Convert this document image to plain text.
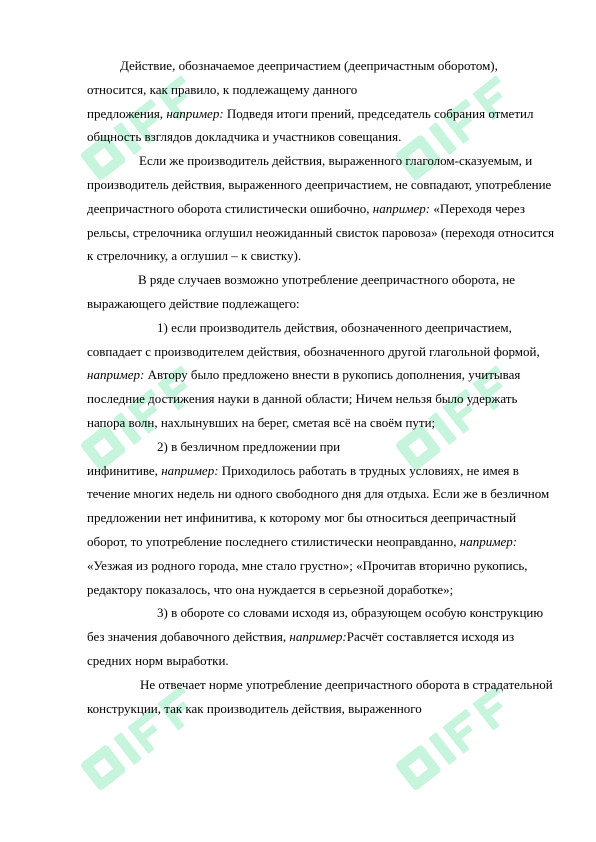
Действие, обозначаемое деепричастием (деепричастным оборотом), относится, как правило, к подлежащему данного

предложения, например: Подведя итоги прений, председатель собрания отметил общность взглядов докладчика и участников совещания.

Если же производитель действия, выраженного глаголом-сказуемым, и производитель действия, выраженного деепричастием, не совпадают, употребление деепричастного оборота стилистически ошибочно, например: «Переходя через рельсы, стрелочника оглушил неожиданный свисток паровоза» (переходя относится к стрелочнику, а оглушил – к свистку).

В ряде случаев возможно употребление деепричастного оборота, не выражающего действие подлежащего:

1) если производитель действия, обозначенного деепричастием, совпадает с производителем действия, обозначенного другой глагольной формой, например: Автору было предложено внести в рукопись дополнения, учитывая последние достижения науки в данной области; Ничем нельзя было удержать напора волн, нахлынувших на берег, сметая всё на своём пути;

2) в безличном предложении при

инфинитиве, например: Приходилось работать в трудных условиях, не имея в течение многих недель ни одного свободного дня для отдыха. Если же в безличном предложении нет инфинитива, к которому мог бы относиться деепричастный оборот, то употребление последнего стилистически неоправданно, например: «Уезжая из родного города, мне стало грустно»; «Прочитав вторично рукопись, редактору показалось, что она нуждается в серьезной доработке»;

3) в обороте со словами исходя из, образующем особую конструкцию без значения добавочного действия, например:Расчёт составляется исходя из средних норм выработки.

Не отвечает норме употребление деепричастного оборота в страдательной конструкции, так как производитель действия, выраженного
